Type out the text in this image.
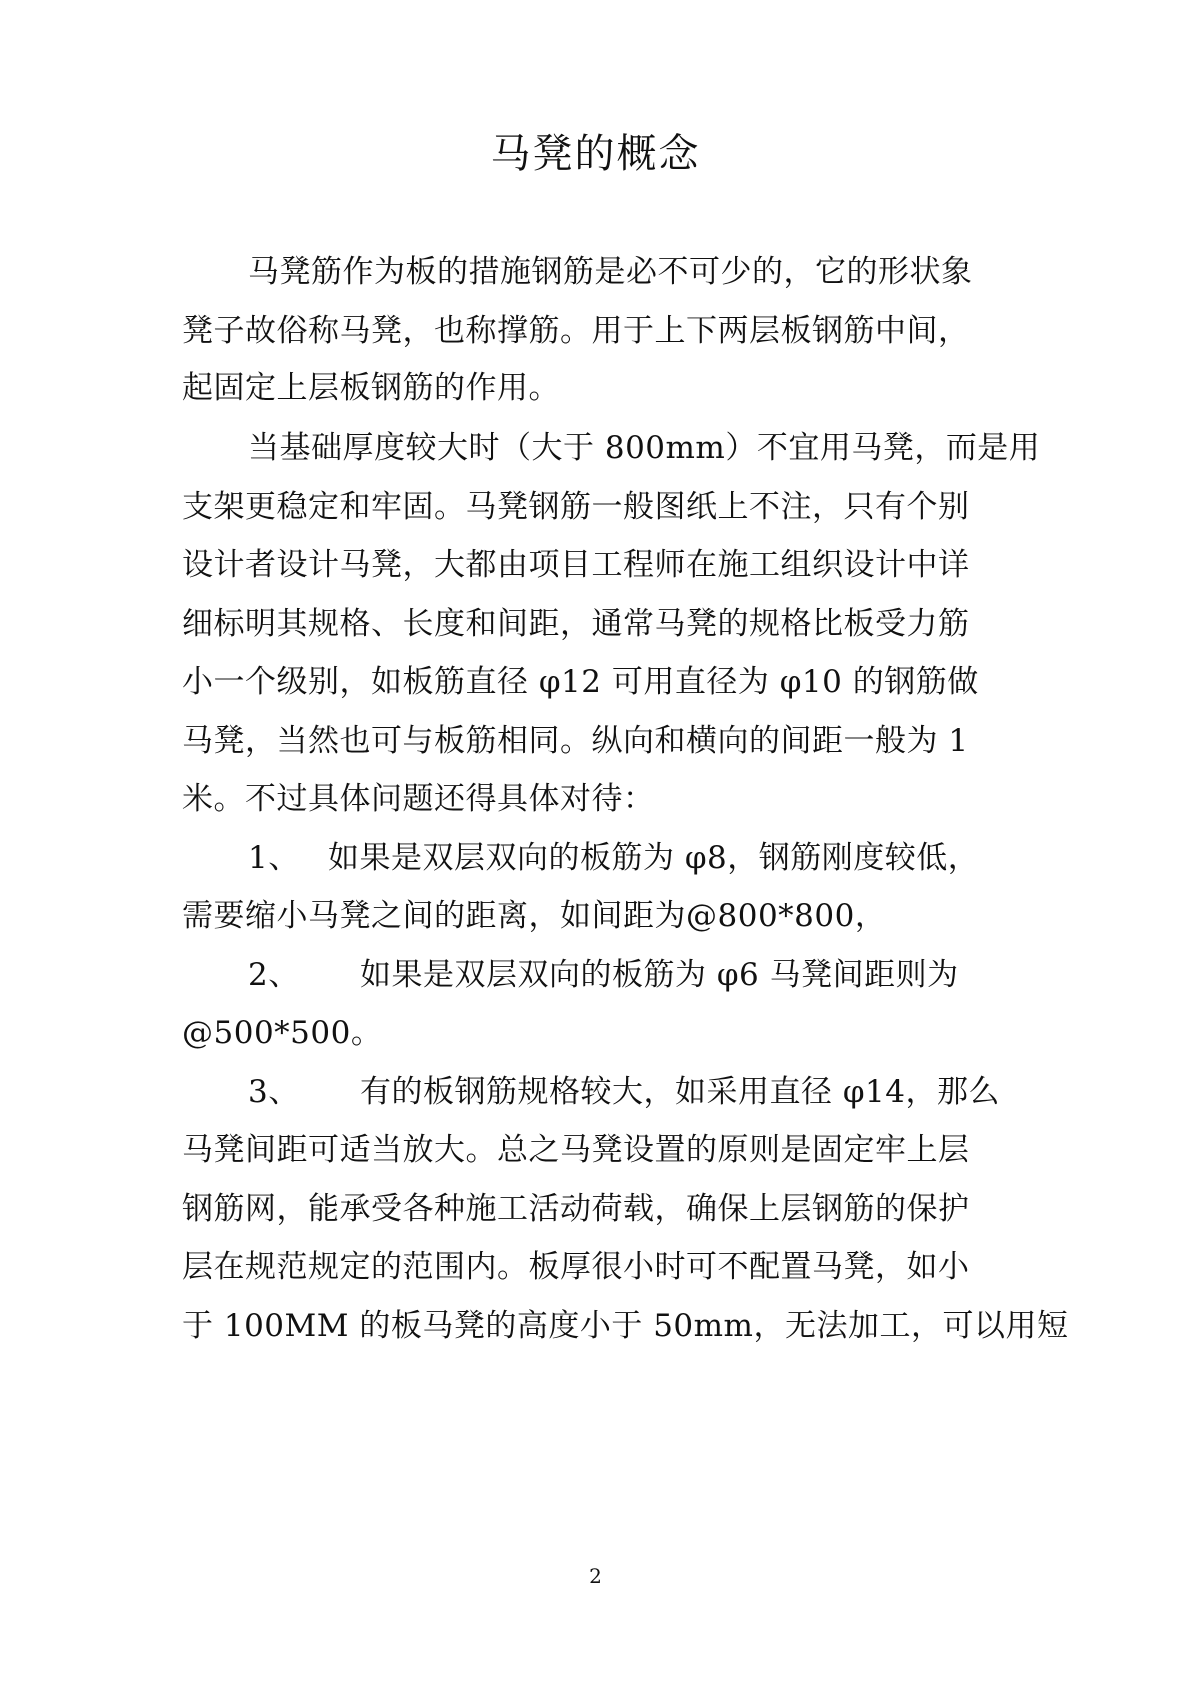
马凳的概念
马凳筋作为板的措施钢筋是必不可少的，它的形状象
凳子故俗称马凳，也称撑筋。用于上下两层板钢筋中间，
起固定上层板钢筋的作用。
当基础厚度较大时（大于 800mm）不宜用马凳，而是用
支架更稳定和牢固。马凳钢筋一般图纸上不注，只有个别
设计者设计马凳，大都由项目工程师在施工组织设计中详
细标明其规格、长度和间距，通常马凳的规格比板受力筋
小一个级别，如板筋直径 φ12 可用直径为 φ10 的钢筋做
马凳，当然也可与板筋相同。纵向和横向的间距一般为 1
米。不过具体问题还得具体对待：
1、 如果是双层双向的板筋为 φ8，钢筋刚度较低，
需要缩小马凳之间的距离，如间距为@800*800，
2、 如果是双层双向的板筋为 φ6 马凳间距则为
@500*500。
3、 有的板钢筋规格较大，如采用直径 φ14，那么
马凳间距可适当放大。总之马凳设置的原则是固定牢上层
钢筋网，能承受各种施工活动荷载，确保上层钢筋的保护
层在规范规定的范围内。板厚很小时可不配置马凳，如小
于 100MM 的板马凳的高度小于 50mm，无法加工，可以用短
2
